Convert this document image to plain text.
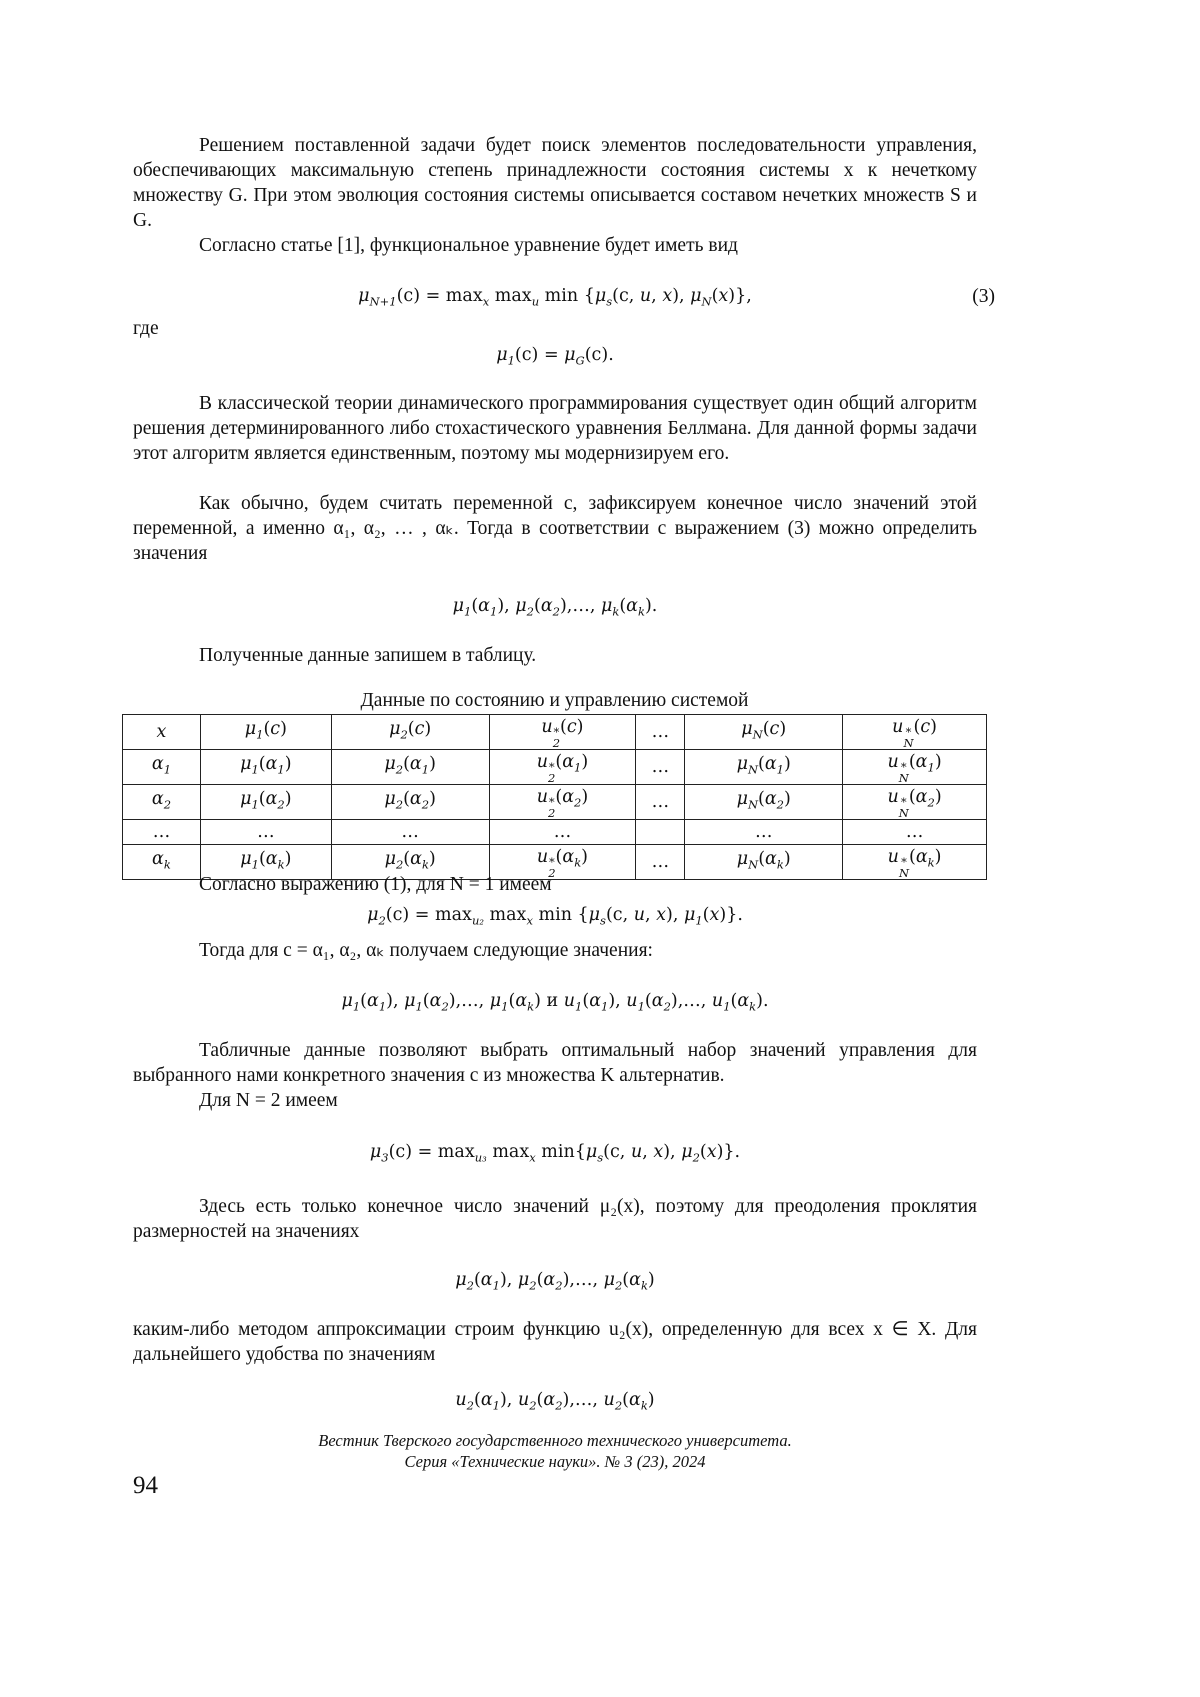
Решением поставленной задачи будет поиск элементов последовательности управления, обеспечивающих максимальную степень принадлежности состояния системы x к нечеткому множеству G. При этом эволюция состояния системы описывается составом нечетких множеств S и G.
Согласно статье [1], функциональное уравнение будет иметь вид
μN+1(c) = maxx maxu min {μs(c, u, x), μN(x)},	(3)
где
μ1(c) = μG(c).
В классической теории динамического программирования существует один общий алгоритм решения детерминированного либо стохастического уравнения Беллмана. Для данной формы задачи этот алгоритм является единственным, поэтому мы модернизируем его.
Как обычно, будем считать переменной c, зафиксируем конечное число значений этой переменной, а именно α₁, α₂, … , αₖ. Тогда в соответствии с выражением (3) можно определить значения
μ1(α1), μ2(α2),…, μk(αk).
Полученные данные запишем в таблицу.
Данные по состоянию и управлению системой
x	μ1(c)	μ2(c)	u *
2
(c)	…	μN(c)	u *
N
(c)
α1	μ1(α1)	μ2(α1)	u *
2
(α1)	…	μN(α1)	u *
N
(α1)
α2	μ1(α2)	μ2(α2)	u *
2
(α2)	…	μN(α2)	u *
N
(α2)
…	…	…	…		…	…
αk	μ1(αk)	μ2(αk)	u *
2
(αk)	…	μN(αk)	u *
N
(αk)
Согласно выражению (1), для N = 1 имеем
μ2(c) = maxu₂ maxx min {μs(c, u, x), μ1(x)}.
Тогда для c = α₁, α₂, αₖ получаем следующие значения:
μ1(α1), μ1(α2),…, μ1(αk) и u1(α1), u1(α2),…, u1(αk).
Табличные данные позволяют выбрать оптимальный набор значений управления для выбранного нами конкретного значения c из множества K альтернатив.
Для N = 2 имеем
μ3(c) = maxu₃ maxx min{μs(c, u, x), μ2(x)}.
Здесь есть только конечное число значений μ₂(x), поэтому для преодоления проклятия размерностей на значениях
μ2(α1), μ2(α2),…, μ2(αk)
каким-либо методом аппроксимации строим функцию u₂(x), определенную для всех x ∈ X. Для дальнейшего удобства по значениям
u2(α1), u2(α2),…, u2(αk)
Вестник Тверского государственного технического университета.
Серия «Технические науки». № 3 (23), 2024
94
